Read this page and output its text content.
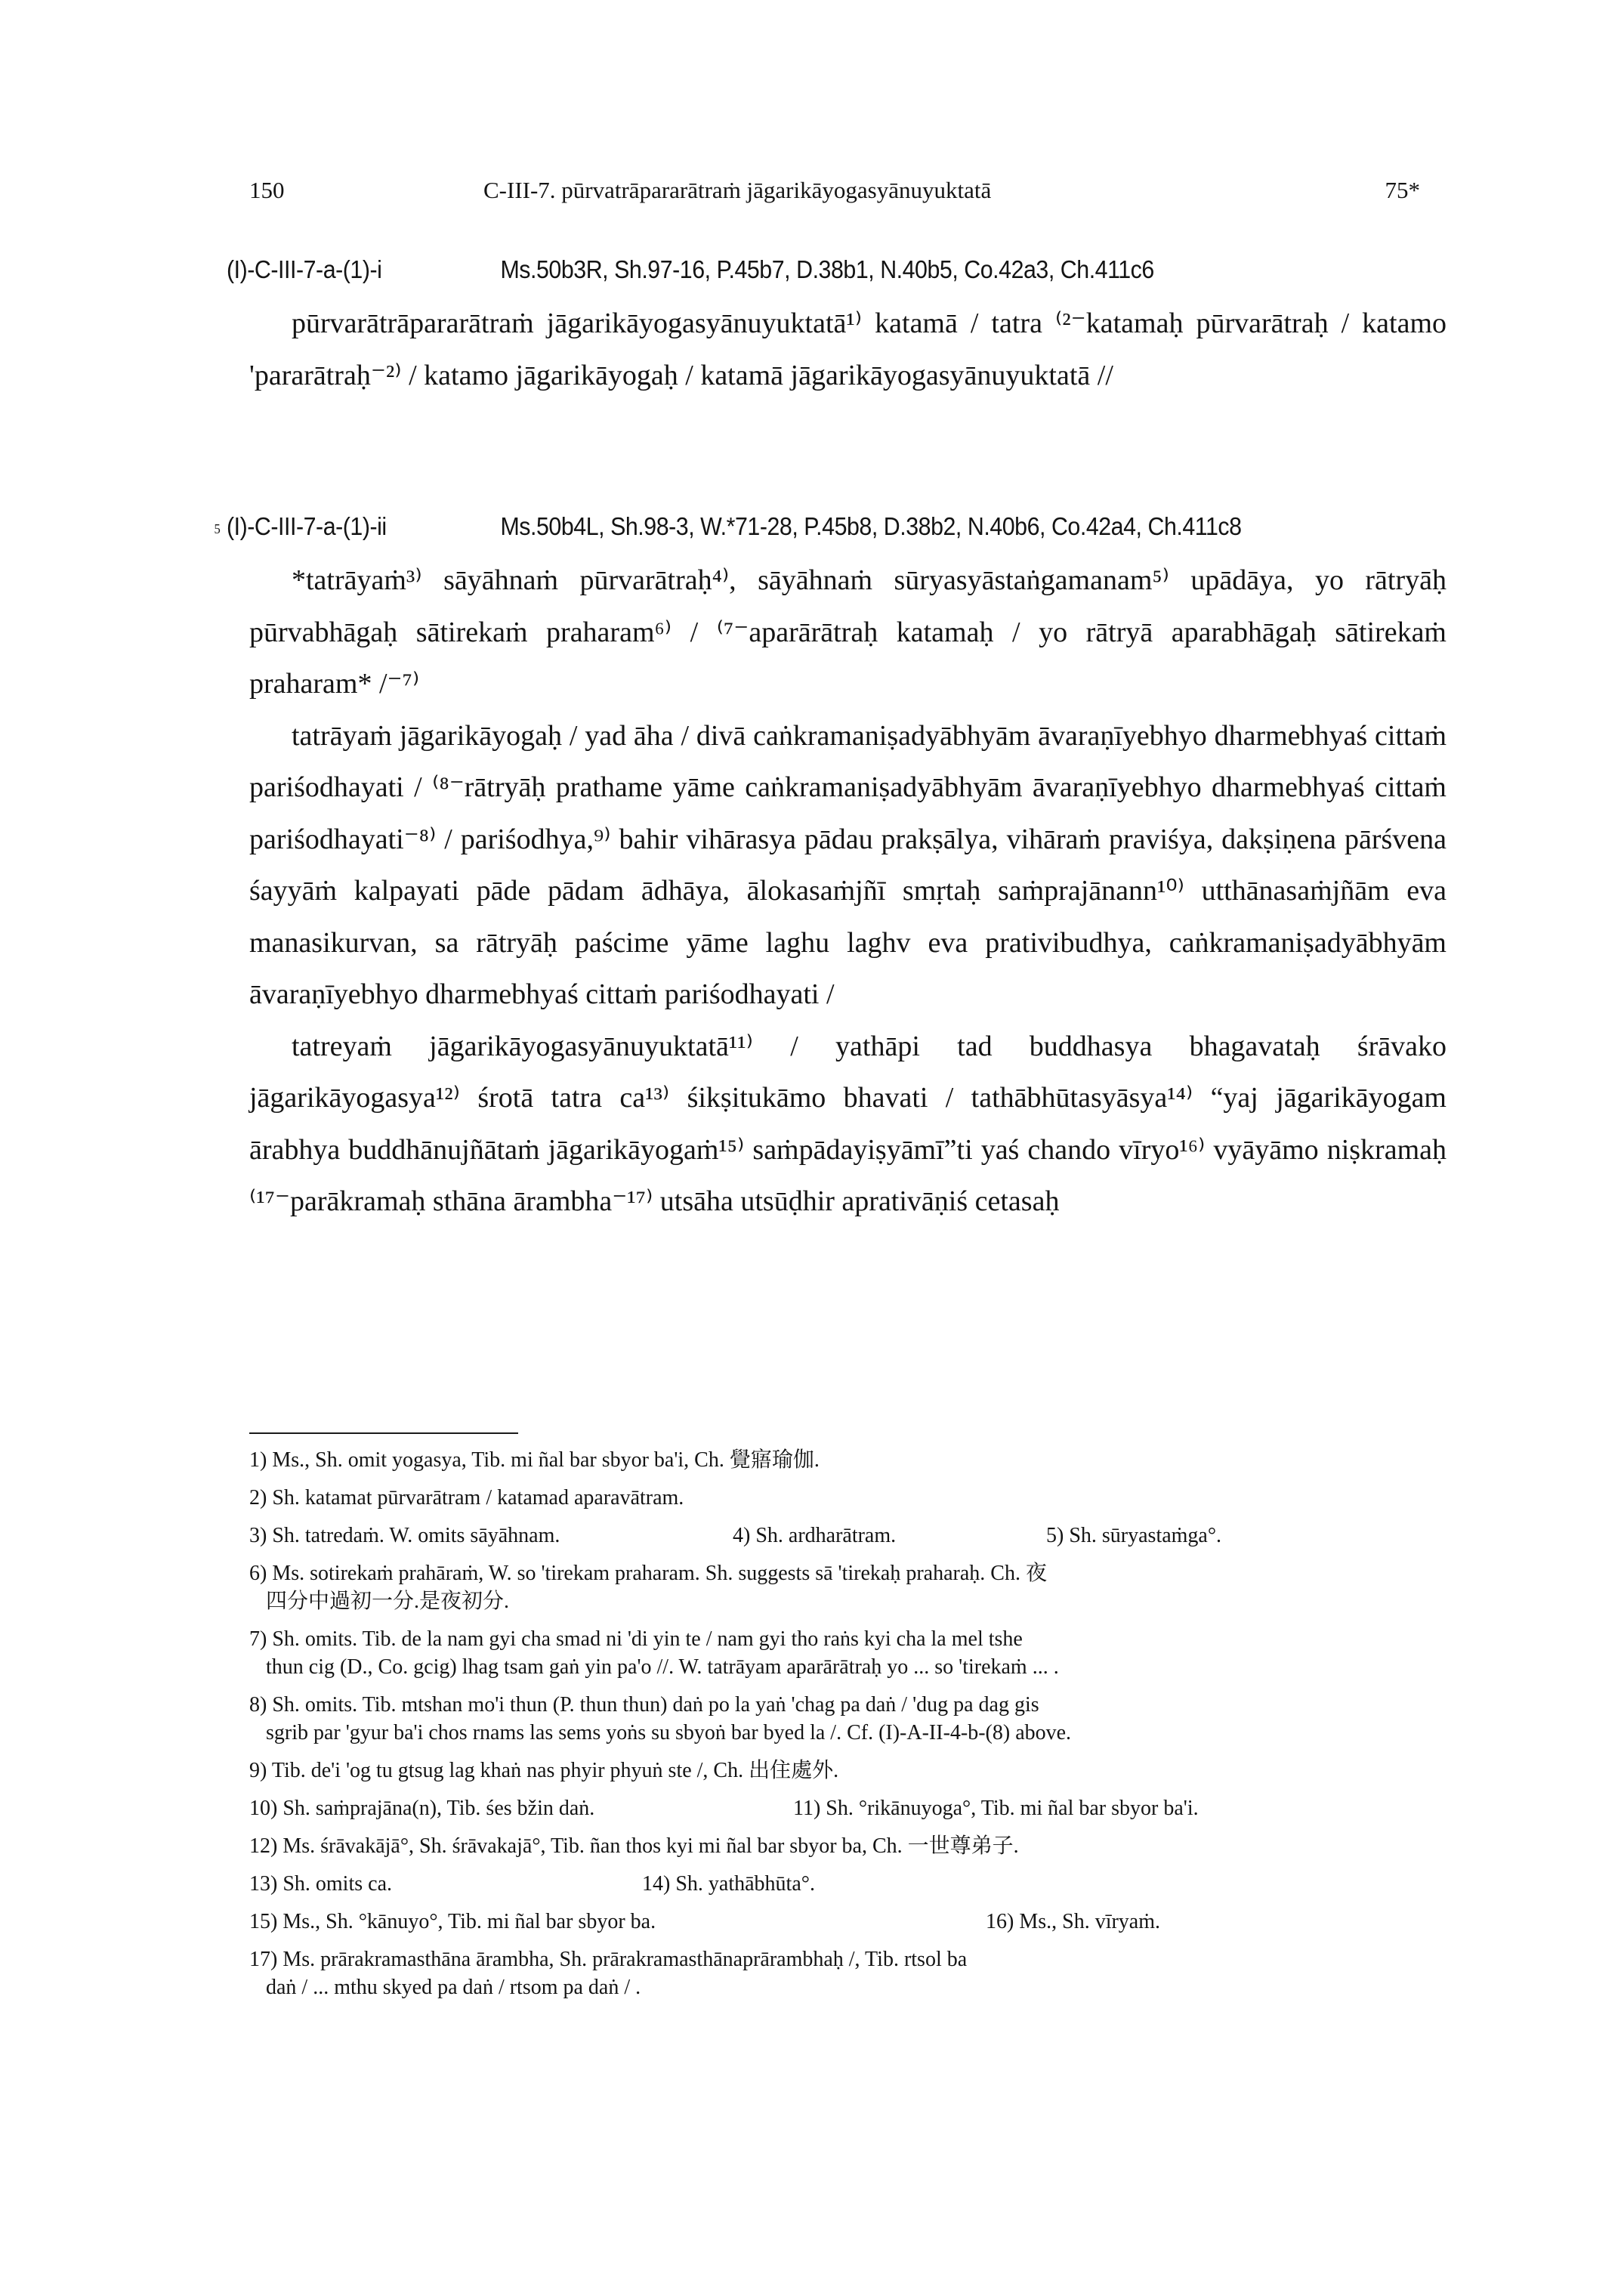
150	C-III-7. pūrvatrāpararātraṁ jāgarikāyogasyānuyuktatā	75*
(I)-C-III-7-a-(1)-i	Ms.50b3R, Sh.97-16, P.45b7, D.38b1, N.40b5, Co.42a3, Ch.411c6

pūrvarātrāpararātraṁ jāgarikāyogasyānuyuktatā¹⁾ katamā / tatra ⁽²⁻katamaḥ pūrvarātraḥ / katamo 'pararātraḥ⁻²⁾ / katamo jāgarikāyogaḥ / katamā jāgarikāyogasyānuyuktatā //

5 (I)-C-III-7-a-(1)-ii	Ms.50b4L, Sh.98-3, W.*71-28, P.45b8, D.38b2, N.40b6, Co.42a4, Ch.411c8

*tatrāyaṁ³⁾ sāyāhnaṁ pūrvarātraḥ⁴⁾, sāyāhnaṁ sūryasyāstaṅgamanam⁵⁾ upādāya, yo rātryāḥ pūrvabhāgaḥ sātirekaṁ praharam⁶⁾ / ⁽⁷⁻aparārātraḥ katamaḥ / yo rātryā aparabhāgaḥ sātirekaṁ praharam* /⁻⁷⁾

tatrāyaṁ jāgarikāyogaḥ / yad āha / divā caṅkramaniṣadyābhyām āvaraṇīyebhyo dharmebhyaś cittaṁ pariśodhayati / ⁽⁸⁻rātryāḥ prathame yāme caṅkramaniṣadyābhyām āvaraṇīyebhyo dharmebhyaś cittaṁ pariśodhayati⁻⁸⁾ / pariśodhya,⁹⁾ bahir vihārasya pādau prakṣālya, vihāraṁ praviśya, dakṣiṇena pārśvena śayyāṁ kalpayati pāde pādam ādhāya, ālokasaṁjñī smṛtaḥ saṁprajānann¹⁰⁾ utthānasaṁjñām eva manasikurvan, sa rātryāḥ paścime yāme laghu laghv eva prativibudhya, caṅkramaniṣadyābhyām āvaraṇīyebhyo dharmebhyaś cittaṁ pariśodhayati /

tatreyaṁ jāgarikāyogasyānuyuktatā¹¹⁾ / yathāpi tad buddhasya bhagavataḥ śrāvako jāgarikāyogasya¹²⁾ śrotā tatra ca¹³⁾ śikṣitukāmo bhavati / tathābhūtasyāsya¹⁴⁾ “yaj jāgarikāyogam ārabhya buddhānujñātaṁ jāgarikāyogaṁ¹⁵⁾ saṁpādayiṣyāmī”ti yaś chando vīryo¹⁶⁾ vyāyāmo niṣkramaḥ ⁽¹⁷⁻parākramaḥ sthāna ārambha⁻¹⁷⁾ utsāha utsūḍhir aprativāṇiś cetasaḥ

1) Ms., Sh. omit yogasya, Tib. mi ñal bar sbyor ba'i, Ch. 覺寤瑜伽.
2) Sh. katamat pūrvarātram / katamad aparavātram.
3) Sh. tatredaṁ. W. omits sāyāhnam.	4) Sh. ardharātram.	5) Sh. sūryastaṁga°.
6) Ms. sotirekaṁ prahāraṁ, W. so 'tirekam praharam. Sh. suggests sā 'tirekaḥ praharaḥ. Ch. 夜
四分中過初一分.是夜初分.
7) Sh. omits. Tib. de la nam gyi cha smad ni 'di yin te / nam gyi tho raṅs kyi cha la mel tshe
thun cig (D., Co. gcig) lhag tsam gaṅ yin pa'o //. W. tatrāyam aparārātraḥ yo ... so 'tirekaṁ ... .
8) Sh. omits. Tib. mtshan mo'i thun (P. thun thun) daṅ po la yaṅ 'chag pa daṅ / 'dug pa dag gis
sgrib par 'gyur ba'i chos rnams las sems yoṅs su sbyoṅ bar byed la /. Cf. (I)-A-II-4-b-(8) above.
9) Tib. de'i 'og tu gtsug lag khaṅ nas phyir phyuṅ ste /, Ch. 出住處外.
10) Sh. saṁprajāna(n), Tib. śes bžin daṅ.	11) Sh. °rikānuyoga°, Tib. mi ñal bar sbyor ba'i.
12) Ms. śrāvakājā°, Sh. śrāvakajā°, Tib. ñan thos kyi mi ñal bar sbyor ba, Ch. 一世尊弟子.
13) Sh. omits ca.	14) Sh. yathābhūta°.
15) Ms., Sh. °kānuyo°, Tib. mi ñal bar sbyor ba.	16) Ms., Sh. vīryaṁ.
17) Ms. prārakramasthāna ārambha, Sh. prārakramasthānaprārambhaḥ /, Tib. rtsol ba
daṅ / ... mthu skyed pa daṅ / rtsom pa daṅ / .
